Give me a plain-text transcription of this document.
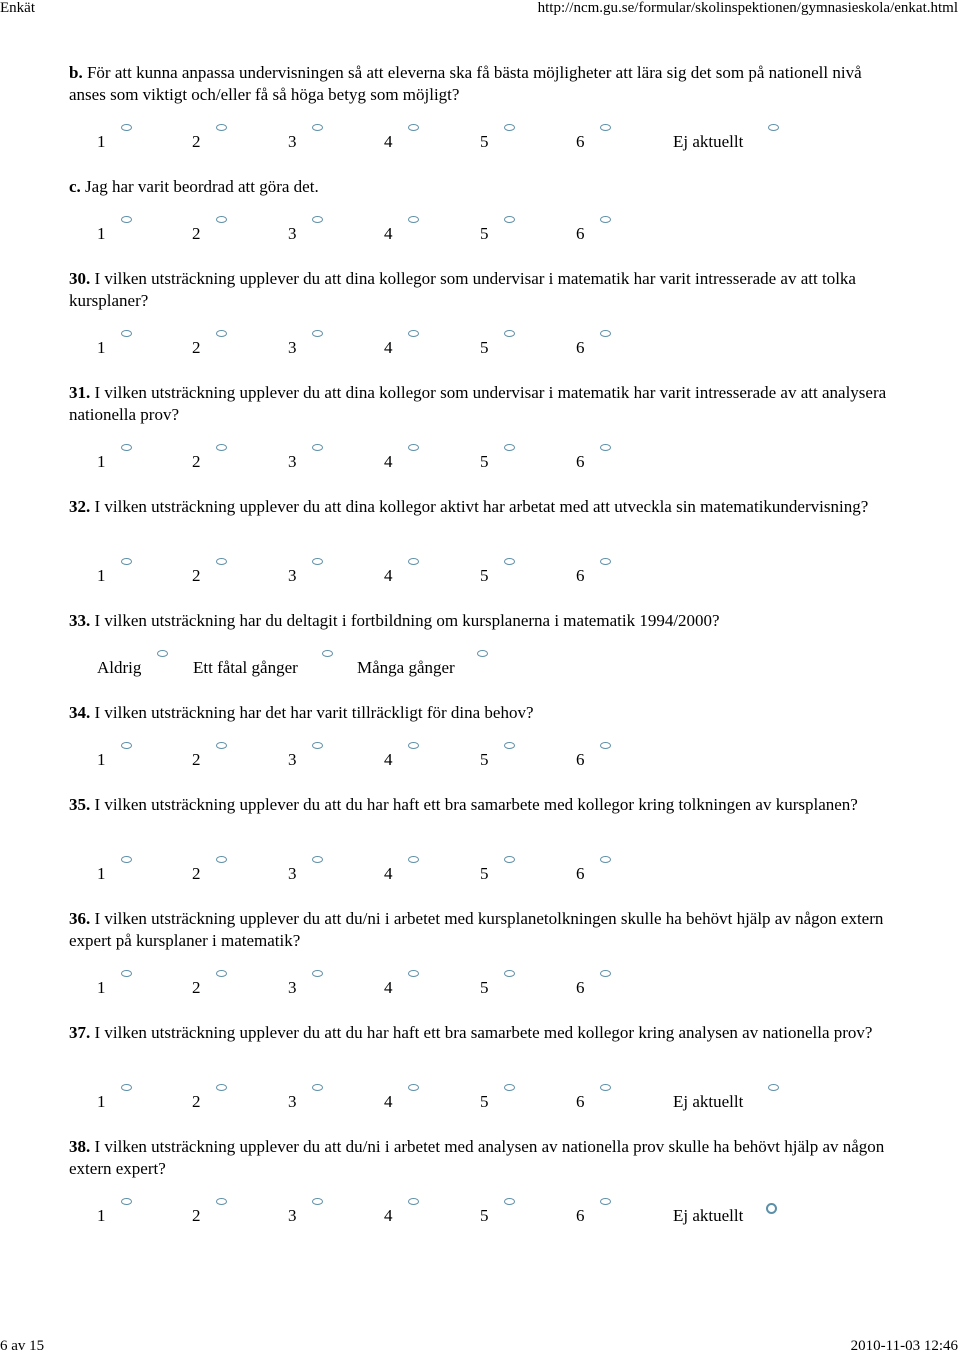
Enkät	http://ncm.gu.se/formular/skolinspektionen/gymnasieskola/enkat.html
b. För att kunna anpassa undervisningen så att eleverna ska få bästa möjligheter att lära sig det som på nationell nivå anses som viktigt och/eller få så höga betyg som möjligt?
1	2	3	4	5	6	Ej aktuellt
c. Jag har varit beordrad att göra det.
1	2	3	4	5	6
30. I vilken utsträckning upplever du att dina kollegor som undervisar i matematik har varit intresserade av att tolka kursplaner?
1	2	3	4	5	6
31. I vilken utsträckning upplever du att dina kollegor som undervisar i matematik har varit intresserade av att analysera nationella prov?
1	2	3	4	5	6
32. I vilken utsträckning upplever du att dina kollegor aktivt har arbetat med att utveckla sin matematikundervisning?
1	2	3	4	5	6
33. I vilken utsträckning har du deltagit i fortbildning om kursplanerna i matematik 1994/2000?
Aldrig	Ett fåtal gånger	Många gånger
34. I vilken utsträckning har det har varit tillräckligt för dina behov?
1	2	3	4	5	6
35. I vilken utsträckning upplever du att du har haft ett bra samarbete med kollegor kring tolkningen av kursplanen?
1	2	3	4	5	6
36. I vilken utsträckning upplever du att du/ni i arbetet med kursplanetolkningen skulle ha behövt hjälp av någon extern expert på kursplaner i matematik?
1	2	3	4	5	6
37. I vilken utsträckning upplever du att du har haft ett bra samarbete med kollegor kring analysen av nationella prov?
1	2	3	4	5	6	Ej aktuellt
38. I vilken utsträckning upplever du att du/ni i arbetet med analysen av nationella prov skulle ha behövt hjälp av någon extern expert?
1	2	3	4	5	6	Ej aktuellt
6 av 15	2010-11-03 12:46
